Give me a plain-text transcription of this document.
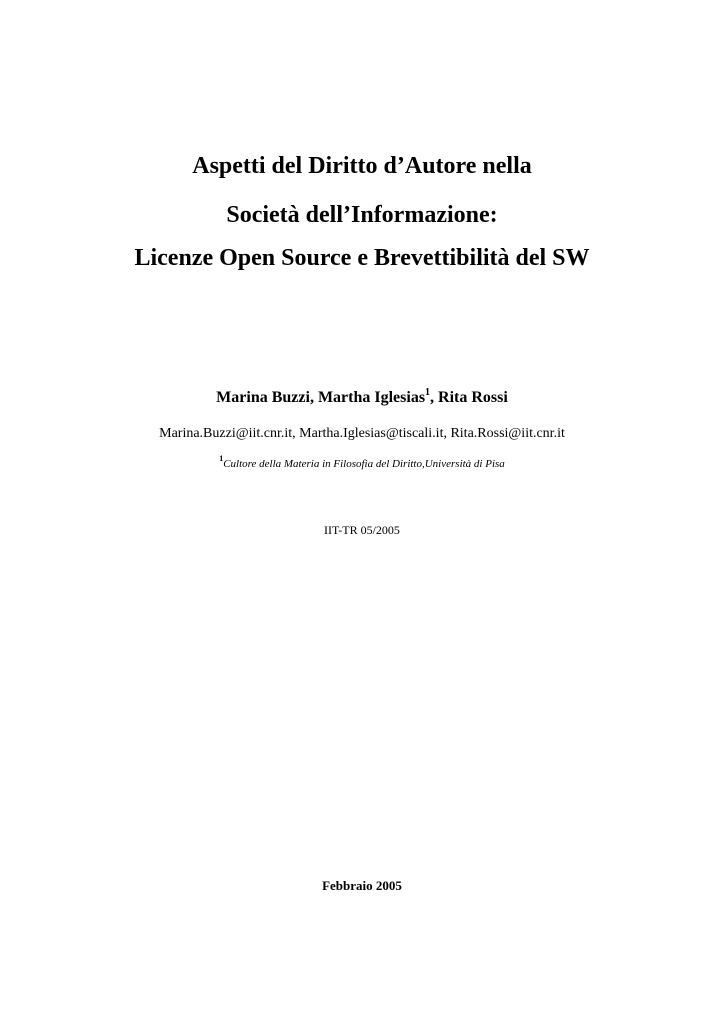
Aspetti del Diritto d’Autore nella
Società dell’Informazione:
Licenze Open Source e Brevettibilità del SW
Marina Buzzi, Martha Iglesias$^1$, Rita Rossi
Marina.Buzzi@iit.cnr.it, Martha.Iglesias@tiscali.it, Rita.Rossi@iit.cnr.it
$^1$Cultore della Materia in Filosofia del Diritto,Università di Pisa
IIT-TR 05/2005
Febbraio 2005
